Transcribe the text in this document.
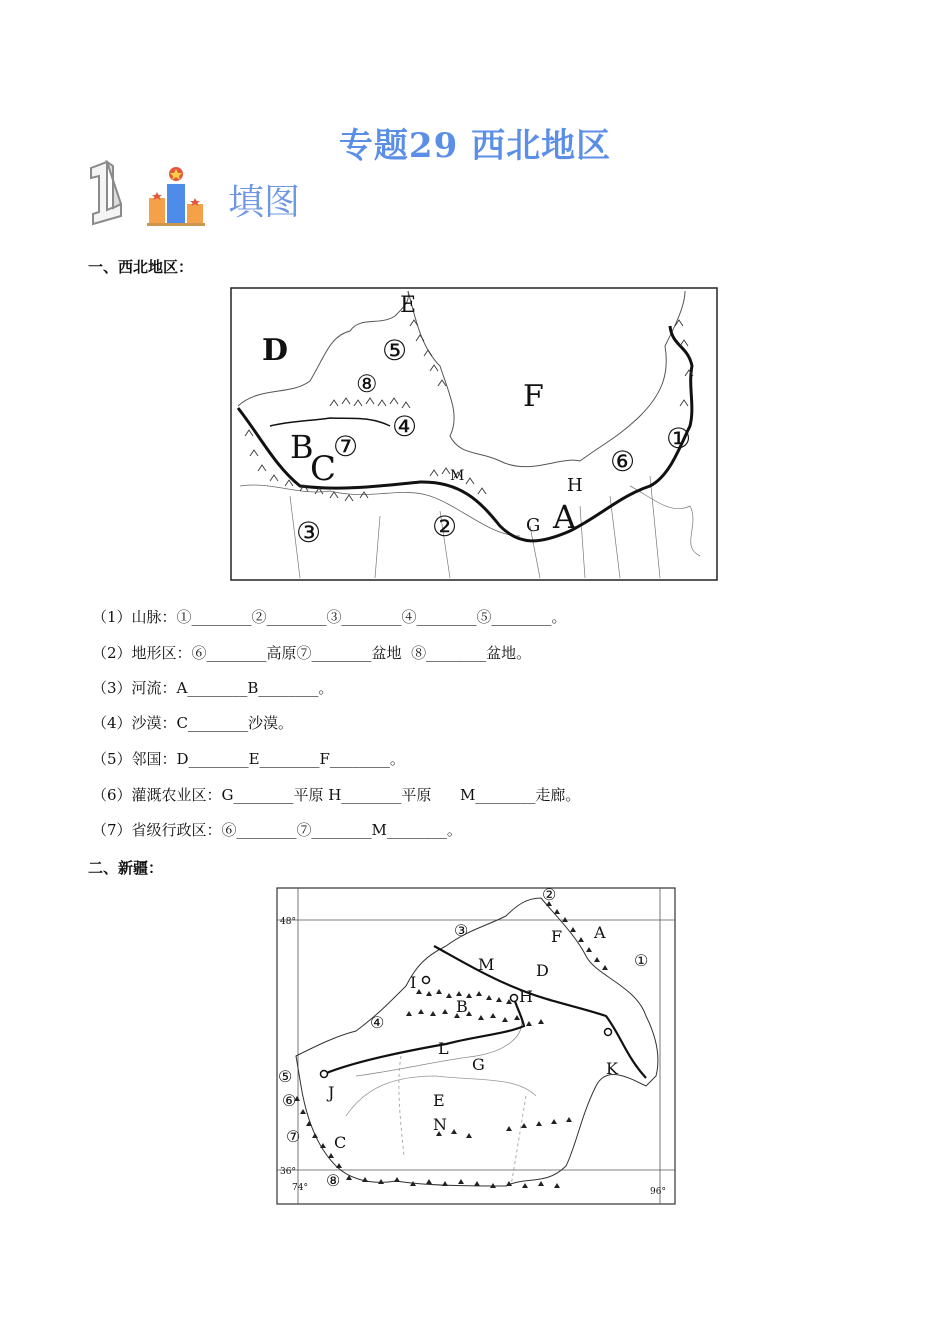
专题29 西北地区
填图
一、西北地区：
D
E
F
B
C	M	H
G A
①
②
③
④
⑤
⑥
⑦
⑧
（1）山脉：①________②________③________④________⑤________。
（2）地形区：⑥________高原⑦________盆地  ⑧________盆地。
（3）河流：A________B________。
（4）沙漠：C________沙漠。
（5）邻国：D________E________F________。
（6）灌溉农业区：G________平原 H________平原      M________走廊。
（7）省级行政区：⑥________⑦________M________。
二、新疆：
48°
36°
74°	96°
A
B
C
D
E
F
G
H
I
J
K
L
M
N
①
②
③
④
⑤
⑥
⑦
⑧
